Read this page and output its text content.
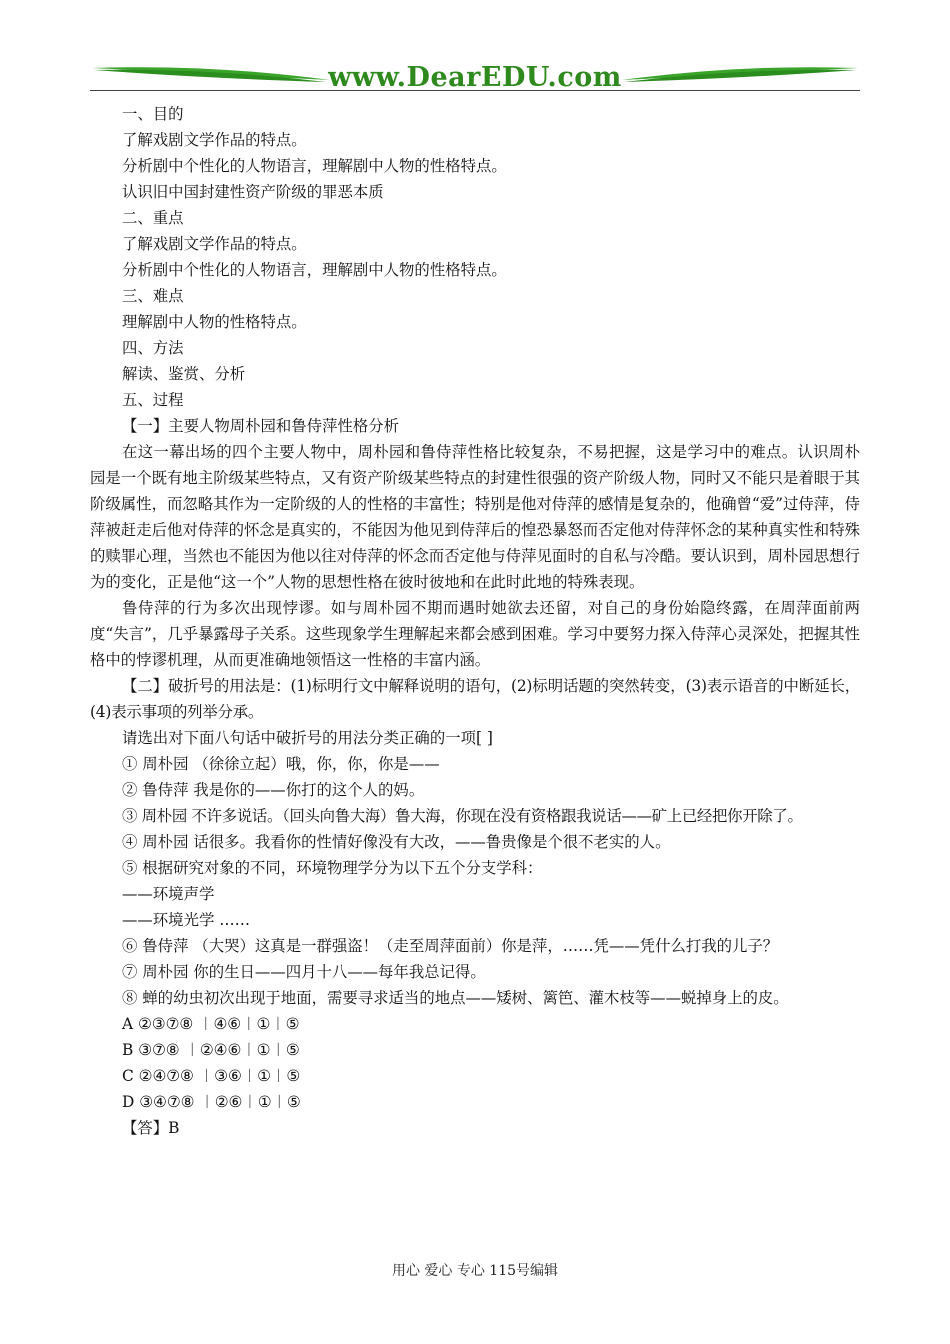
www.DearEDU.com
一、目的
了解戏剧文学作品的特点。
分析剧中个性化的人物语言，理解剧中人物的性格特点。
认识旧中国封建性资产阶级的罪恶本质
二、重点
了解戏剧文学作品的特点。
分析剧中个性化的人物语言，理解剧中人物的性格特点。
三、难点
理解剧中人物的性格特点。
四、方法
解读、鉴赏、分析
五、过程
【一】主要人物周朴园和鲁侍萍性格分析
在这一幕出场的四个主要人物中，周朴园和鲁侍萍性格比较复杂，不易把握，这是学习中的难点。认识周朴园是一个既有地主阶级某些特点，又有资产阶级某些特点的封建性很强的资产阶级人物，同时又不能只是着眼于其阶级属性，而忽略其作为一定阶级的人的性格的丰富性；特别是他对侍萍的感情是复杂的，他确曾“爱”过侍萍，侍萍被赶走后他对侍萍的怀念是真实的，不能因为他见到侍萍后的惶恐暴怒而否定他对侍萍怀念的某种真实性和特殊的赎罪心理，当然也不能因为他以往对侍萍的怀念而否定他与侍萍见面时的自私与冷酷。要认识到，周朴园思想行为的变化，正是他“这一个”人物的思想性格在彼时彼地和在此时此地的特殊表现。
鲁侍萍的行为多次出现悖谬。如与周朴园不期而遇时她欲去还留，对自己的身份始隐终露，在周萍面前两度“失言”，几乎暴露母子关系。这些现象学生理解起来都会感到困难。学习中要努力探入侍萍心灵深处，把握其性格中的悖谬机理，从而更准确地领悟这一性格的丰富内涵。
【二】破折号的用法是：(1)标明行文中解释说明的语句，(2)标明话题的突然转变，(3)表示语音的中断延长，(4)表示事项的列举分承。
请选出对下面八句话中破折号的用法分类正确的一项[ ]
① 周朴园 （徐徐立起）哦，你，你，你是——
② 鲁侍萍 我是你的——你打的这个人的妈。
③ 周朴园 不许多说话。（回头向鲁大海）鲁大海，你现在没有资格跟我说话——矿上已经把你开除了。
④ 周朴园 话很多。我看你的性情好像没有大改，——鲁贵像是个很不老实的人。
⑤ 根据研究对象的不同，环境物理学分为以下五个分支学科：
——环境声学
——环境光学 ……
⑥ 鲁侍萍 （大哭）这真是一群强盗！（走至周萍面前）你是萍，……凭——凭什么打我的儿子？
⑦ 周朴园 你的生日——四月十八——每年我总记得。
⑧ 蝉的幼虫初次出现于地面，需要寻求适当的地点——矮树、篱笆、灌木枝等——蜕掉身上的皮。
A ②③⑦⑧ ︱④⑥︱①︱⑤
B ③⑦⑧ ︱②④⑥︱①︱⑤
C ②④⑦⑧ ︱③⑥︱①︱⑤
D ③④⑦⑧ ︱②⑥︱①︱⑤
【答】B
用心 爱心 专心 115号编辑
